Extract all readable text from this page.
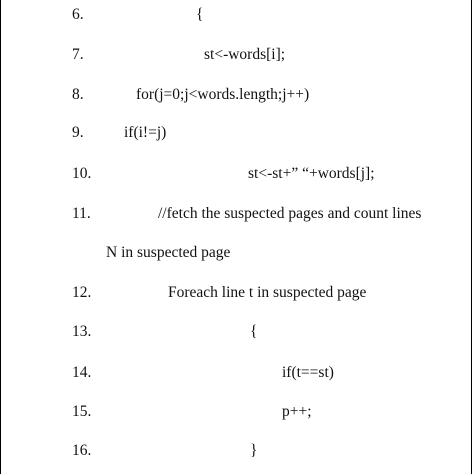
6.	{
7.	st<-words[i];
8.	for(j=0;j<words.length;j++)
9.	if(i!=j)
10.	st<-st+” “+words[j];
11.	//fetch the suspected pages and count lines
N in suspected page
12.	Foreach line t in suspected page
13.	{
14.	if(t==st)
15.	p++;
16.	}
